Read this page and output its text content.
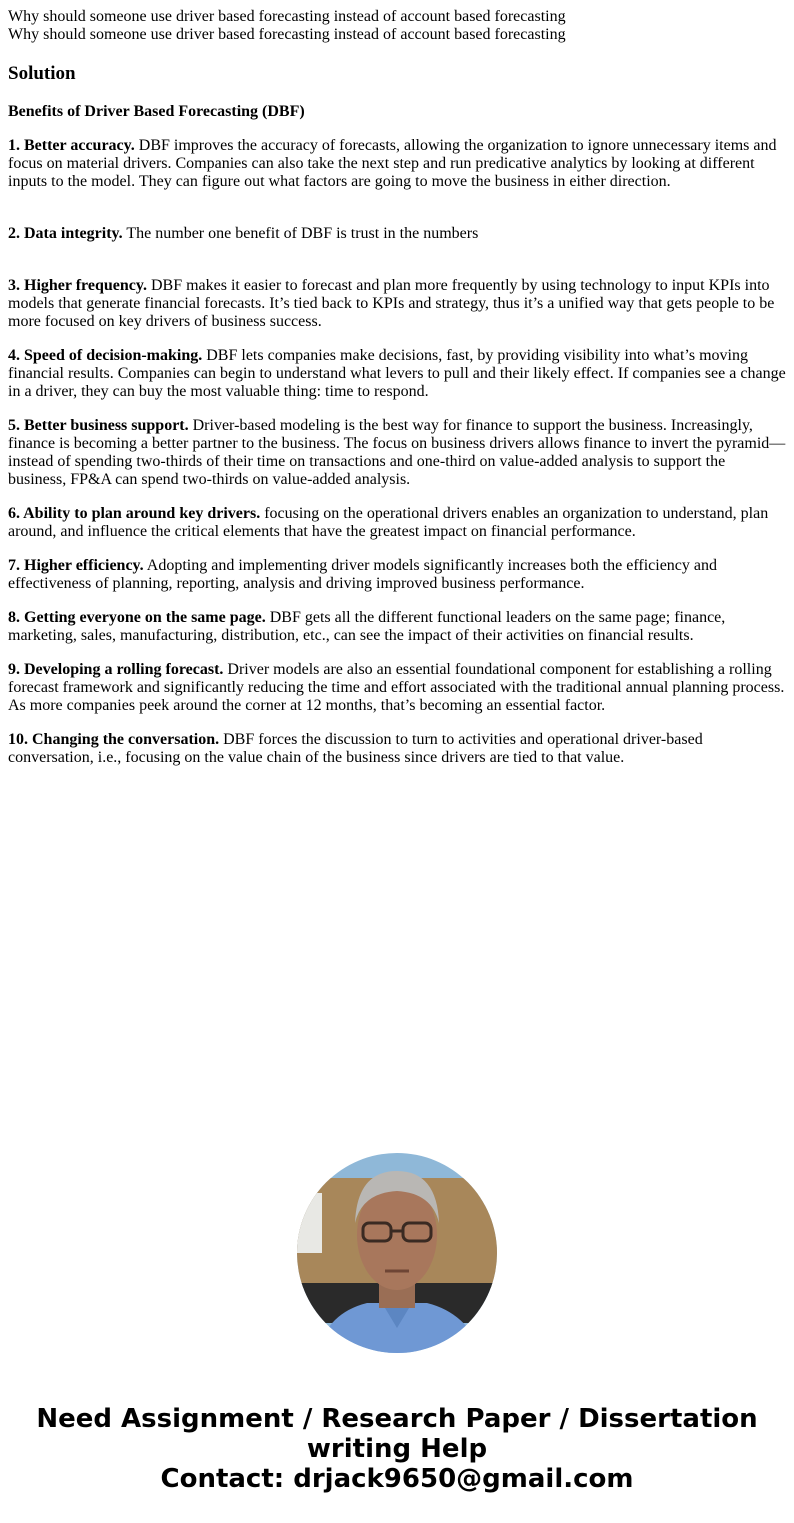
Why should someone use driver based forecasting instead of account based forecasting
Why should someone use driver based forecasting instead of account based forecasting
Solution
Benefits of Driver Based Forecasting (DBF)

1. Better accuracy. DBF improves the accuracy of forecasts, allowing the organization to ignore unnecessary items and focus on material drivers. Companies can also take the next step and run predicative analytics by looking at different inputs to the model. They can figure out what factors are going to move the business in either direction.

2. Data integrity. The number one benefit of DBF is trust in the numbers

3. Higher frequency. DBF makes it easier to forecast and plan more frequently by using technology to input KPIs into models that generate financial forecasts. It’s tied back to KPIs and strategy, thus it’s a unified way that gets people to be more focused on key drivers of business success.

4. Speed of decision-making. DBF lets companies make decisions, fast, by providing visibility into what’s moving financial results. Companies can begin to understand what levers to pull and their likely effect. If companies see a change in a driver, they can buy the most valuable thing: time to respond.

5. Better business support. Driver-based modeling is the best way for finance to support the business. Increasingly, finance is becoming a better partner to the business. The focus on business drivers allows finance to invert the pyramid—instead of spending two-thirds of their time on transactions and one-third on value-added analysis to support the business, FP&A can spend two-thirds on value-added analysis.

6. Ability to plan around key drivers. focusing on the operational drivers enables an organization to understand, plan around, and influence the critical elements that have the greatest impact on financial performance.

7. Higher efficiency. Adopting and implementing driver models significantly increases both the efficiency and effectiveness of planning, reporting, analysis and driving improved business performance.

8. Getting everyone on the same page. DBF gets all the different functional leaders on the same page; finance, marketing, sales, manufacturing, distribution, etc., can see the impact of their activities on financial results.

9. Developing a rolling forecast. Driver models are also an essential foundational component for establishing a rolling forecast framework and significantly reducing the time and effort associated with the traditional annual planning process. As more companies peek around the corner at 12 months, that’s becoming an essential factor.

10. Changing the conversation. DBF forces the discussion to turn to activities and operational driver-based conversation, i.e., focusing on the value chain of the business since drivers are tied to that value.

Need Assignment / Research Paper / Dissertation writing Help
Contact: drjack9650@gmail.com
